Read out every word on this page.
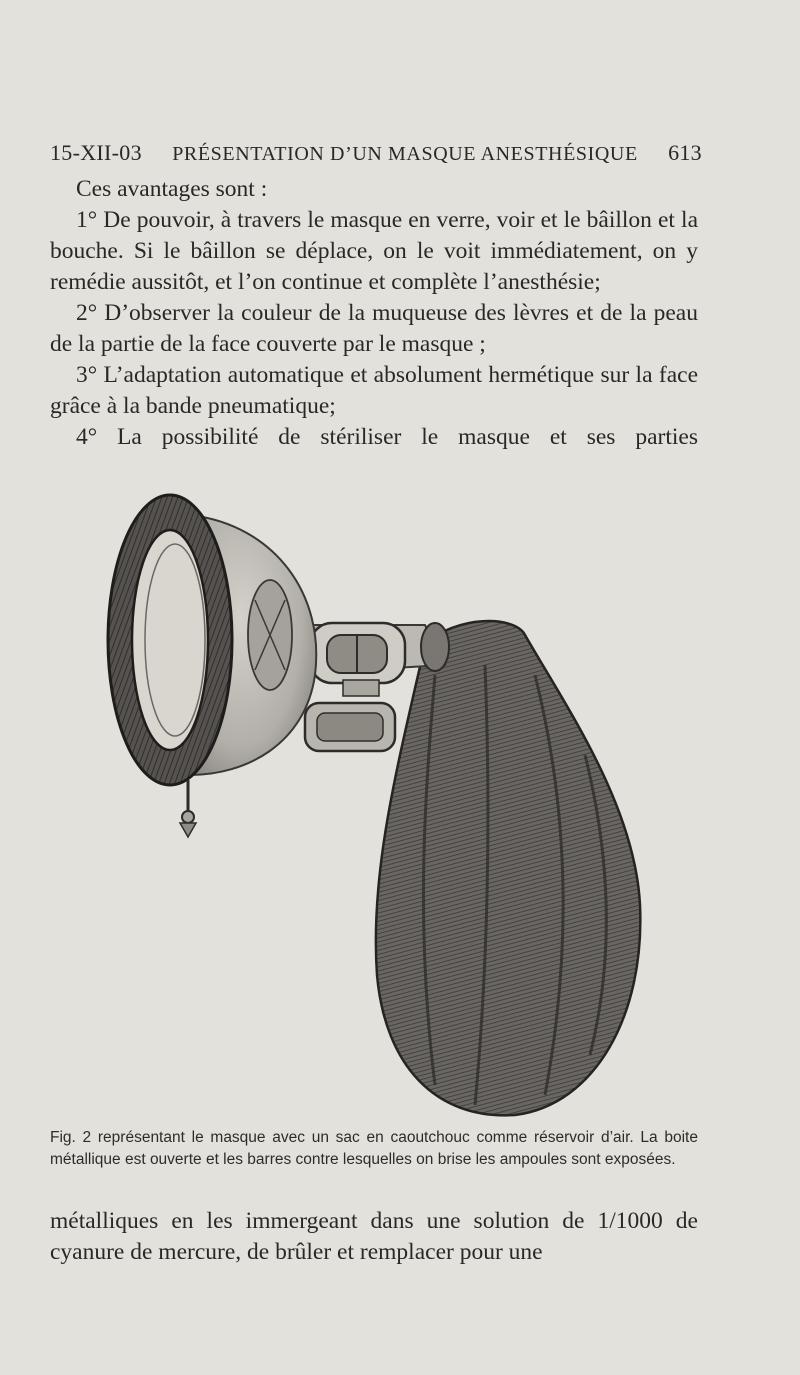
15-XII-03 PRÉSENTATION D’UN MASQUE ANESTHÉSIQUE 613

Ces avantages sont :

1° De pouvoir, à travers le masque en verre, voir et le bâillon et la bouche. Si le bâillon se déplace, on le voit immédiatement, on y remédie aussitôt, et l’on continue et complète l’anesthésie;

2° D’observer la couleur de la muqueuse des lèvres et de la peau de la partie de la face couverte par le masque ;

3° L’adaptation automatique et absolument hermétique sur la face grâce à la bande pneumatique;

4° La possibilité de stériliser le masque et ses parties

Fig. 2 représentant le masque avec un sac en caoutchouc comme réservoir d’air. La boite métallique est ouverte et les barres contre lesquelles on brise les ampoules sont exposées.

métalliques en les immergeant dans une solution de 1/1000 de cyanure de mercure, de brûler et remplacer pour une
